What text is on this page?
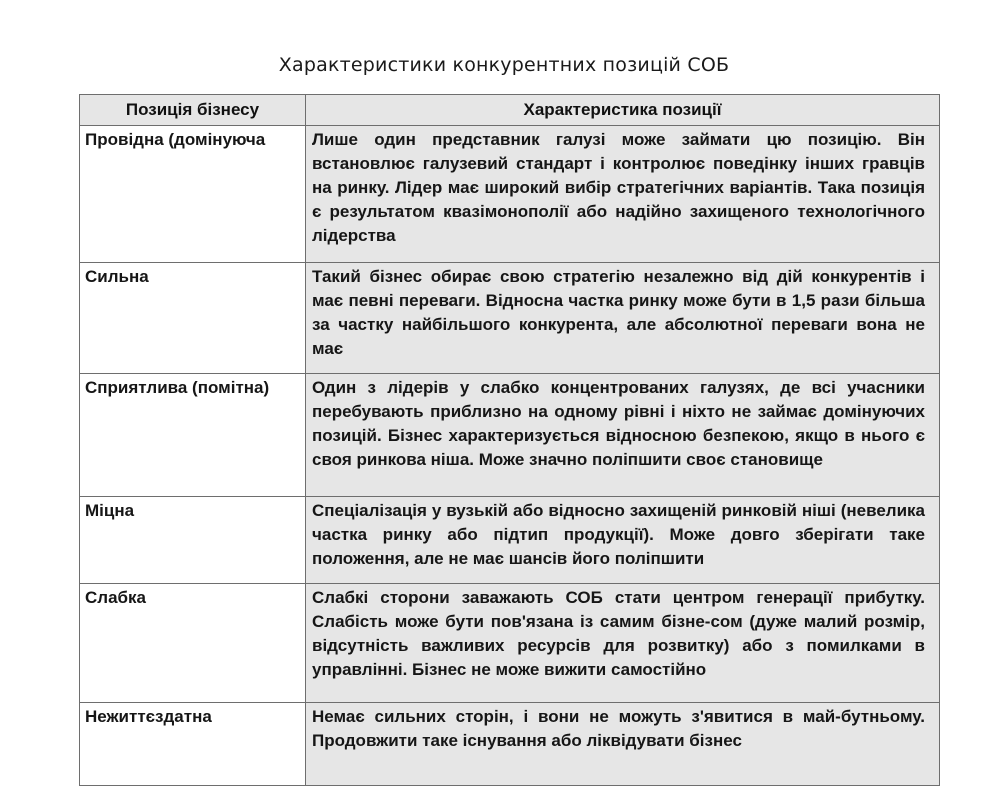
Характеристики конкурентних позицій СОБ
Позиція бізнесу	Характеристика позиції
Провідна (домінуюча	Лише один представник галузі може займати цю позицію. Він встановлює галузевий стандарт і контролює поведінку інших гравців на ринку. Лідер має широкий вибір стратегічних варіантів. Така позиція є результатом квазімонополії або надійно захищеного технологічного лідерства
Сильна	Такий бізнес обирає свою стратегію незалежно від дій конкурентів і має певні переваги. Відносна частка ринку може бути в 1,5 рази більша за частку найбільшого конкурента, але абсолютної переваги вона не має
Сприятлива (помітна)	Один з лідерів у слабко концентрованих галузях, де всі учасники перебувають приблизно на одному рівні і ніхто не займає домінуючих позицій. Бізнес характеризується відносною безпекою, якщо в нього є своя ринкова ніша. Може значно поліпшити своє становище
Міцна	Спеціалізація у вузькій або відносно захищеній ринковій ніші (невелика частка ринку або підтип продукції). Може довго зберігати таке положення, але не має шансів його поліпшити
Слабка	Слабкі сторони заважають СОБ стати центром генерації прибутку. Слабість може бути пов'язана із самим бізне-сом (дуже малий розмір, відсутність важливих ресурсів для розвитку) або з помилками в управлінні. Бізнес не може вижити самостійно
Нежиттєздатна	Немає сильних сторін, і вони не можуть з'явитися в май-бутньому. Продовжити таке існування або ліквідувати бізнес
